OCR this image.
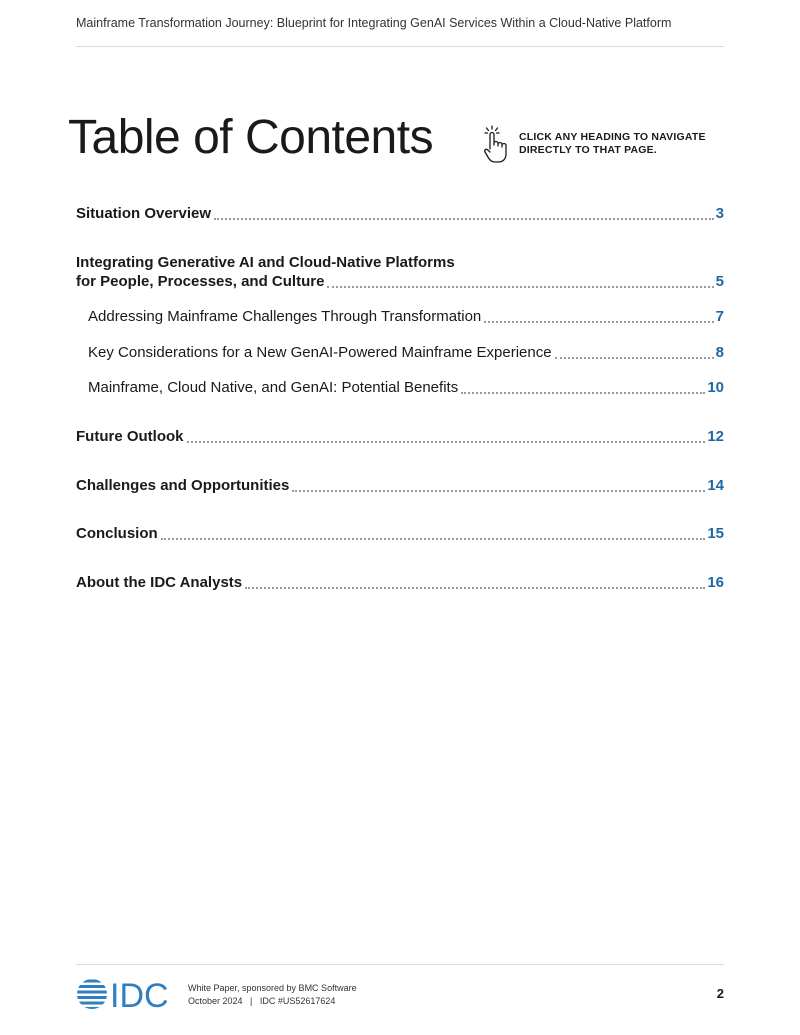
Mainframe Transformation Journey: Blueprint for Integrating GenAI Services Within a Cloud-Native Platform
Table of Contents	CLICK ANY HEADING TO NAVIGATE
DIRECTLY TO THAT PAGE.
Situation Overview	3
Integrating Generative AI and Cloud-Native Platforms
for People, Processes, and Culture	5
Addressing Mainframe Challenges Through Transformation	7
Key Considerations for a New GenAI-Powered Mainframe Experience	8
Mainframe, Cloud Native, and GenAI: Potential Benefits	10
Future Outlook	12
Challenges and Opportunities	14
Conclusion	15
About the IDC Analysts	16
IDC White Paper, sponsored by BMC Software
October 2024   |   IDC #US52617624	2
